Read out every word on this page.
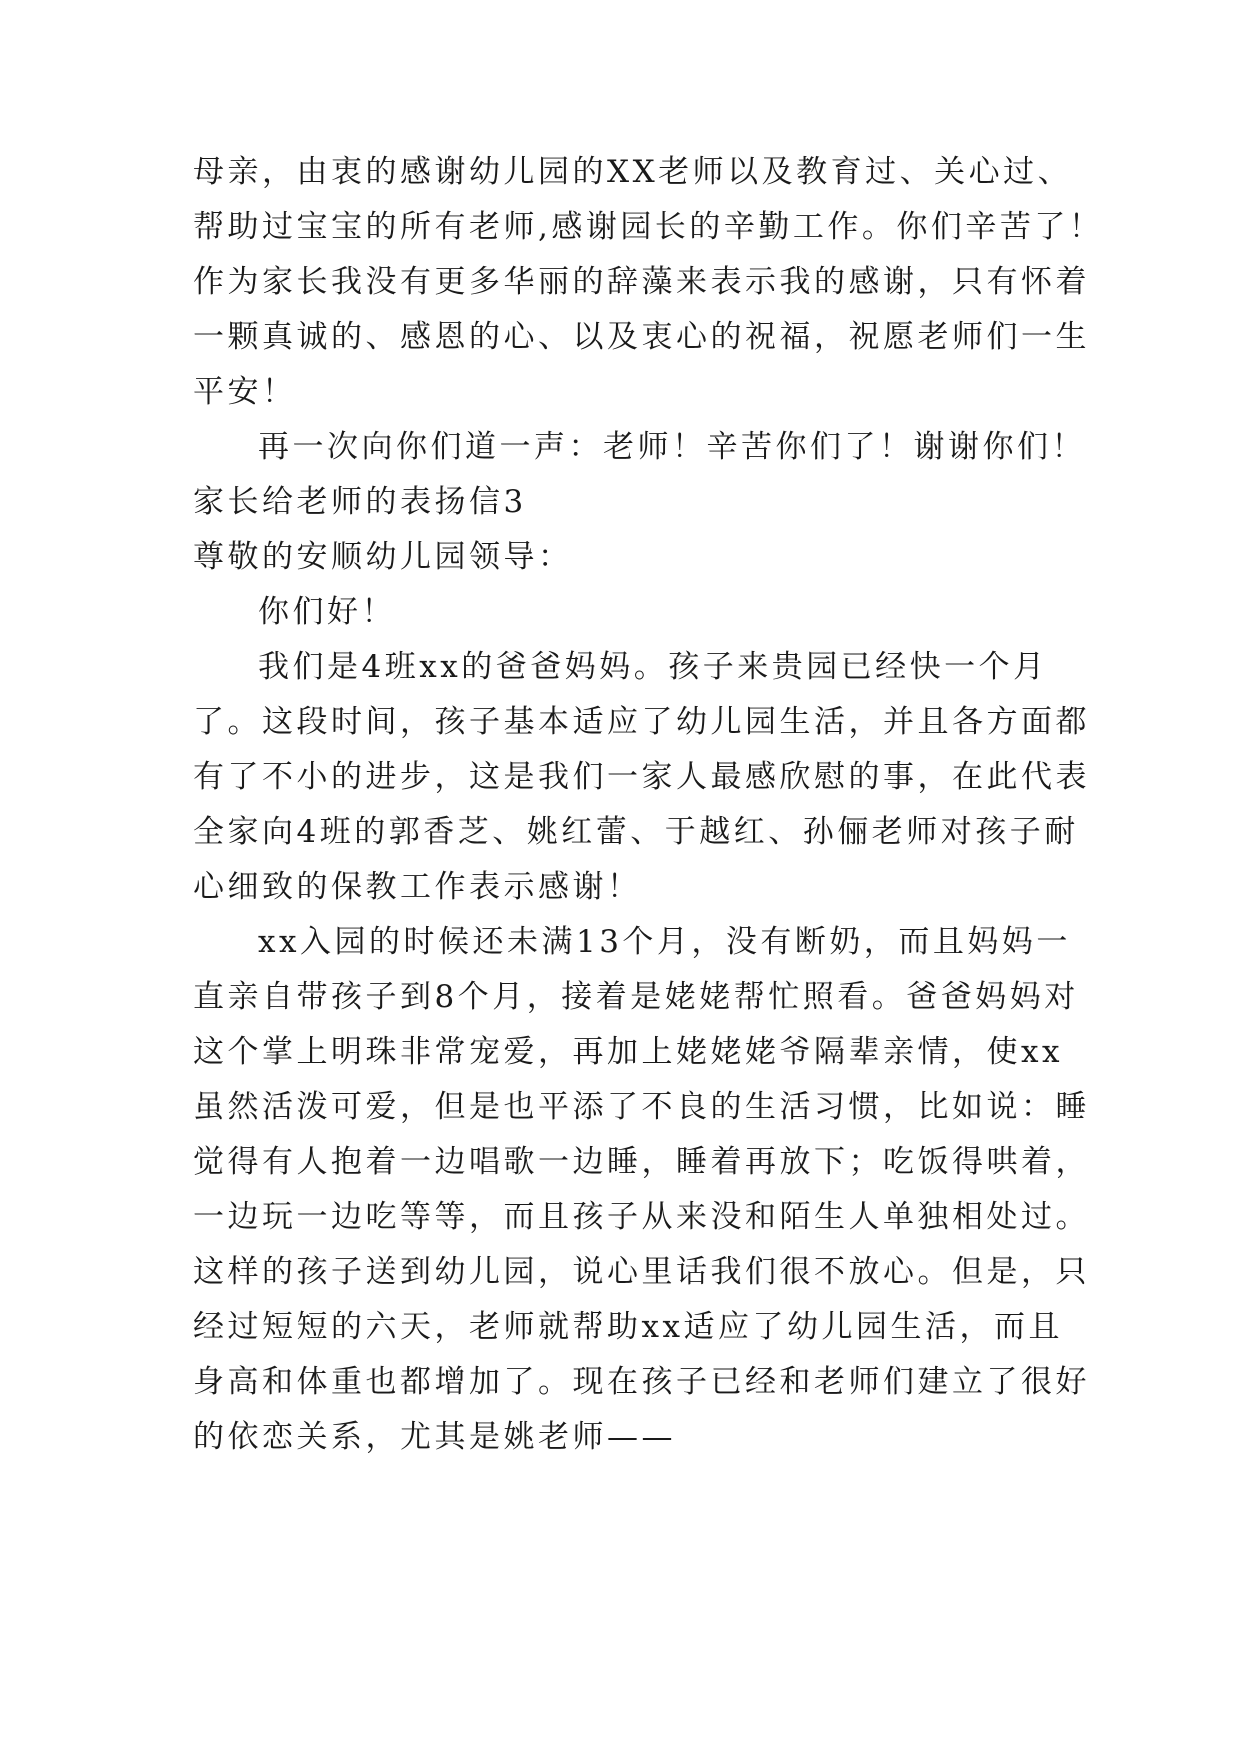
母亲，由衷的感谢幼儿园的XX老师以及教育过、关心过、
帮助过宝宝的所有老师,感谢园长的辛勤工作。你们辛苦了！
作为家长我没有更多华丽的辞藻来表示我的感谢，只有怀着
一颗真诚的、感恩的心、以及衷心的祝福，祝愿老师们一生
平安！
再一次向你们道一声：老师！辛苦你们了！谢谢你们！
家长给老师的表扬信3
尊敬的安顺幼儿园领导：
你们好！
我们是4班xx的爸爸妈妈。孩子来贵园已经快一个月
了。这段时间，孩子基本适应了幼儿园生活，并且各方面都
有了不小的进步，这是我们一家人最感欣慰的事，在此代表
全家向4班的郭香芝、姚红蕾、于越红、孙俪老师对孩子耐
心细致的保教工作表示感谢！
xx入园的时候还未满13个月，没有断奶，而且妈妈一
直亲自带孩子到8个月，接着是姥姥帮忙照看。爸爸妈妈对
这个掌上明珠非常宠爱，再加上姥姥姥爷隔辈亲情，使xx
虽然活泼可爱，但是也平添了不良的生活习惯，比如说：睡
觉得有人抱着一边唱歌一边睡，睡着再放下；吃饭得哄着，
一边玩一边吃等等，而且孩子从来没和陌生人单独相处过。
这样的孩子送到幼儿园，说心里话我们很不放心。但是，只
经过短短的六天，老师就帮助xx适应了幼儿园生活，而且
身高和体重也都增加了。现在孩子已经和老师们建立了很好
的依恋关系，尤其是姚老师——
